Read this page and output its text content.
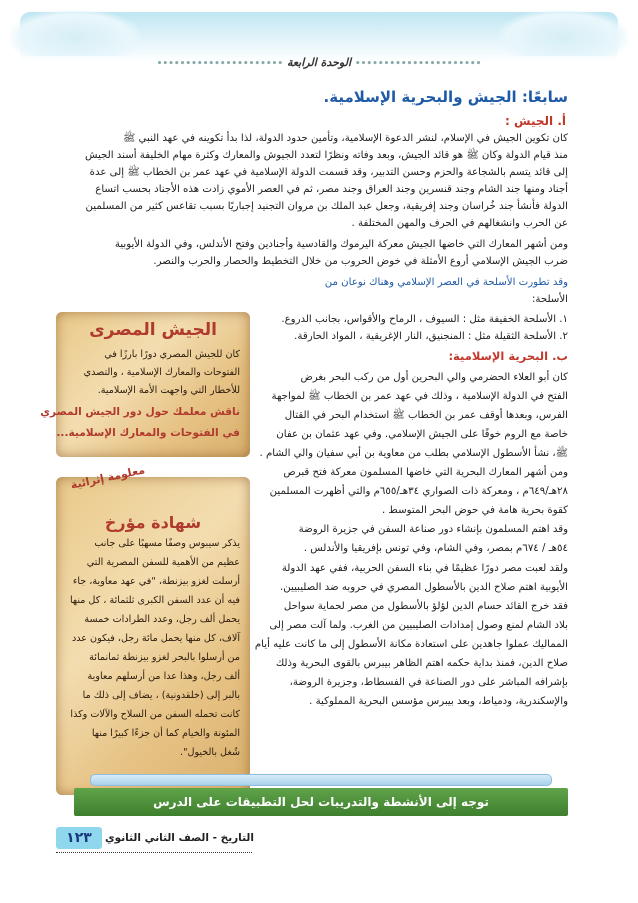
•••••••••••••••••••••• الوحدة الرابعة ••••••••••••••••••••••
سابعًا: الجيش والبحرية الإسلامية.
أ. الجيش :
كان تكوين الجيش في الإسلام، لنشر الدعوة الإسلامية، وتأمين حدود الدولة، لذا بدأ تكوينه في عهد النبي ﷺ
منذ قيام الدولة وكان ﷺ هو قائد الجيش، وبعد وفاته ونظرًا لتعدد الجيوش والمعارك وكثرة مهام الخليفة أسند الجيش
إلى قائد يتسم بالشجاعة والحزم وحسن التدبير، وقد قسمت الدولة الإسلامية في عهد عمر بن الخطاب ﷺ إلى عدة
أجناد ومنها جند الشام وجند قنسرين وجند العراق وجند مصر، ثم في العصر الأموي زادت هذه الأجناد بحسب اتساع
الدولة فأنشأ جند خُراسان وجند إفريقية، وجعل عبد الملك بن مروان التجنيد إجباريًا بسبب تقاعس كثير من المسلمين
عن الحرب وانشغالهم في الحرف والمهن المختلفة .
ومن أشهر المعارك التي خاضها الجيش معركة اليرموك والقادسية وأجنادين وفتح الأندلس، وفي الدولة الأيوبية
ضرب الجيش الإسلامي أروع الأمثلة في خوض الحروب من خلال التخطيط والحصار والحرب والنصر.
وقد تطورت الأسلحة في العصر الإسلامي وهناك نوعان من
الأسلحة:
١. الأسلحة الخفيفة مثل : السيوف ، الرماح والأقواس، بجانب الدروع.
٢. الأسلحة الثقيلة مثل : المنجنيق، النار الإغريقية ، المواد الحارقة.
ب. البحرية الإسلامية:
كان أبو العلاء الحضرمي والي البحرين أول من ركب البحر بغرض
الفتح في الدولة الإسلامية ، وذلك في عهد عمر بن الخطاب ﷺ لمواجهة
الفرس، وبعدها أوقف عمر بن الخطاب ﷺ استخدام البحر في القتال
خاصة مع الروم خوفًا على الجيش الإسلامي. وفي عهد عثمان بن عفان
ﷺ، نشأ الأسطول الإسلامي بطلب من معاوية بن أبي سفيان والي الشام .
ومن أشهر المعارك البحرية التي خاضها المسلمون معركة فتح قبرص
٢٨هـ/٦٤٩م ، ومعركة ذات الصواري ٣٤هـ/٦٥٥م والتي أظهرت المسلمين
كقوة بحرية هامة في حوض البحر المتوسط .
وقد اهتم المسلمون بإنشاء دور صناعة السفن في جزيرة الروضة
٥٤هـ / ٦٧٤م بمصر، وفي الشام، وفي تونس بإفريقيا والأندلس .
ولقد لعبت مصر دورًا عظيمًا في بناء السفن الحربية، ففي عهد الدولة
الأيوبية اهتم صلاح الدين بالأسطول المصري في حروبه ضد الصليبيين.
فقد خرج القائد حسام الدين لؤلؤ بالأسطول من مصر لحماية سواحل
بلاد الشام لمنع وصول إمدادات الصليبيين من الغرب. ولما آلت مصر إلى
المماليك عملوا جاهدين على استعادة مكانة الأسطول إلى ما كانت عليه أيام
صلاح الدين، فمنذ بداية حكمه اهتم الظاهر بيبرس بالقوى البحرية وذلك
بإشرافه المباشر على دور الصناعة في الفسطاط، وجزيرة الروضة،
والإسكندرية، ودمياط، وبعد بيبرس مؤسس البحرية المملوكية .
الجيش المصرى
كان للجيش المصري دورًا بارزًا في
الفتوحات والمعارك الإسلامية ، والتصدي
للأخطار التي واجهت الأمة الإسلامية.
ناقش معلمك حول دور الجيش المصري
في الفتوحات والمعارك الإسلامية...
معلومة إثرائية
شهادة مؤرخ
يذكر سيبوس وصفًا مسهبًا على جانب
عظيم من الأهمية للسفن المصرية التي
أرسلت لغزو بيزنطة، "في عهد معاوية، جاء
فيه أن عدد السفن الكبرى ثلثمائة ، كل منها
يحمل ألف رجل، وعدد الطرادات خمسة
آلاف، كل منها يحمل مائة رجل، فيكون عدد
من أرسلوا بالبحر لغزو بيزنطة ثمانمائة
ألف رجل، وهذا عدا من أرسلهم معاوية
بالبر إلى (خلقدونية) ، يضاف إلى ذلك ما
كانت تحمله السفن من السلاح والآلات وكذا
المئونة والخيام كما أن جزءًا كبيرًا منها
شُغل بالخيول".
توجه إلى الأنشطة والتدريبات لحل التطبيقات على الدرس
١٢٣	التاريخ - الصف الثاني الثانوي
